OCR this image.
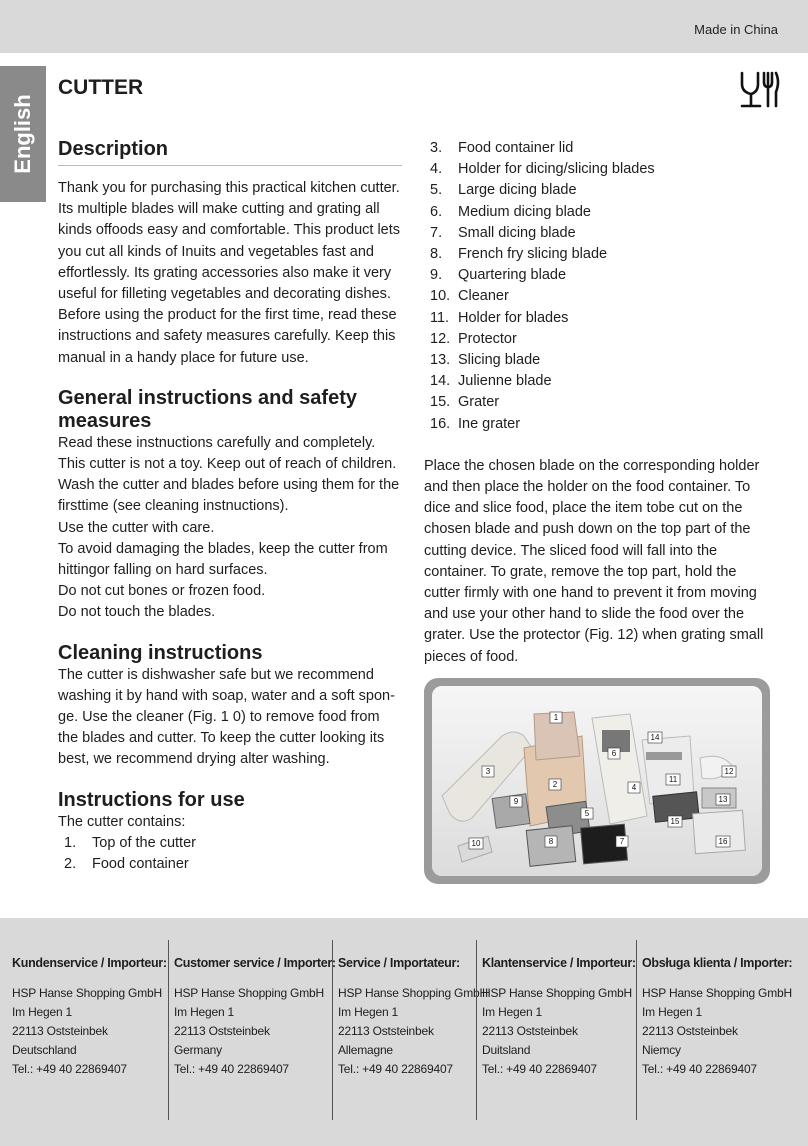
Made in China
English
CUTTER
Description

Thank you for purchasing this practical kitchen cutter. Its multiple blades will make cutting and grating all kinds offoods easy and comfortable. This product lets you cut all kinds of Inuits and vegetables fast and effortlessly. Its grating accessories also make it very useful for filleting vegetables and decorating dishes. Before using the product for the first time, read these instructions and safety measures carefully. Keep this manual in a handy place for future use.

General instructions and safety measures

Read these instnuctions carefully and completely.

This cutter is not a toy. Keep out of reach of children.

Wash the cutter and blades before using them for the firsttime (see cleaning instnuctions).

Use the cutter with care.

To avoid damaging the blades, keep the cutter from hittingor falling on hard surfaces.

Do not cut bones or frozen food.

Do not touch the blades.

Cleaning instructions

The cutter is dishwasher safe but we recommend washing it by hand with soap, water and a soft spon-ge. Use the cleaner (Fig. 1 0) to remove food from the blades and cutter. To keep the cutter looking its best, we recommend drying alter washing.

Instructions for use

The cutter contains:

1.	Top of the cutter
2.	Food container
3.	Food container lid
4.	Holder for dicing/slicing blades
5.	Large dicing blade
6.	Medium dicing blade
7.	Small dicing blade
8.	French fry slicing blade
9.	Quartering blade
10. Cleaner
11. Holder for blades
12. Protector
13. Slicing blade
14. Julienne blade
15. Grater
16. Ine grater

Place the chosen blade on the corresponding holder and then place the holder on the food container. To dice and slice food, place the item tobe cut on the chosen blade and push down on the top part of the cutting device. The sliced food will fall into the container. To grate, remove the top part, hold the cutter firmly with one hand to prevent it from moving and use your other hand to slide the food over the grater. Use the protector (Fig. 12) when grating small pieces of food.

1
2
3
4
5
6
7
8
9
10
11
12
13
14
15
16
Kundenservice / Importeur:
HSP Hanse Shopping GmbH
Im Hegen 1
22113 Oststeinbek
Deutschland
Tel.: +49 40 22869407
Customer service / Importer:
HSP Hanse Shopping GmbH
Im Hegen 1
22113 Oststeinbek
Germany
Tel.: +49 40 22869407
Service / Importateur:
HSP Hanse Shopping GmbH
Im Hegen 1
22113 Oststeinbek
Allemagne
Tel.: +49 40 22869407
Klantenservice / Importeur:
HSP Hanse Shopping GmbH
Im Hegen 1
22113 Oststeinbek
Duitsland
Tel.: +49 40 22869407
Obsługa klienta / Importer:
HSP Hanse Shopping GmbH
Im Hegen 1
22113 Oststeinbek
Niemcy
Tel.: +49 40 22869407
